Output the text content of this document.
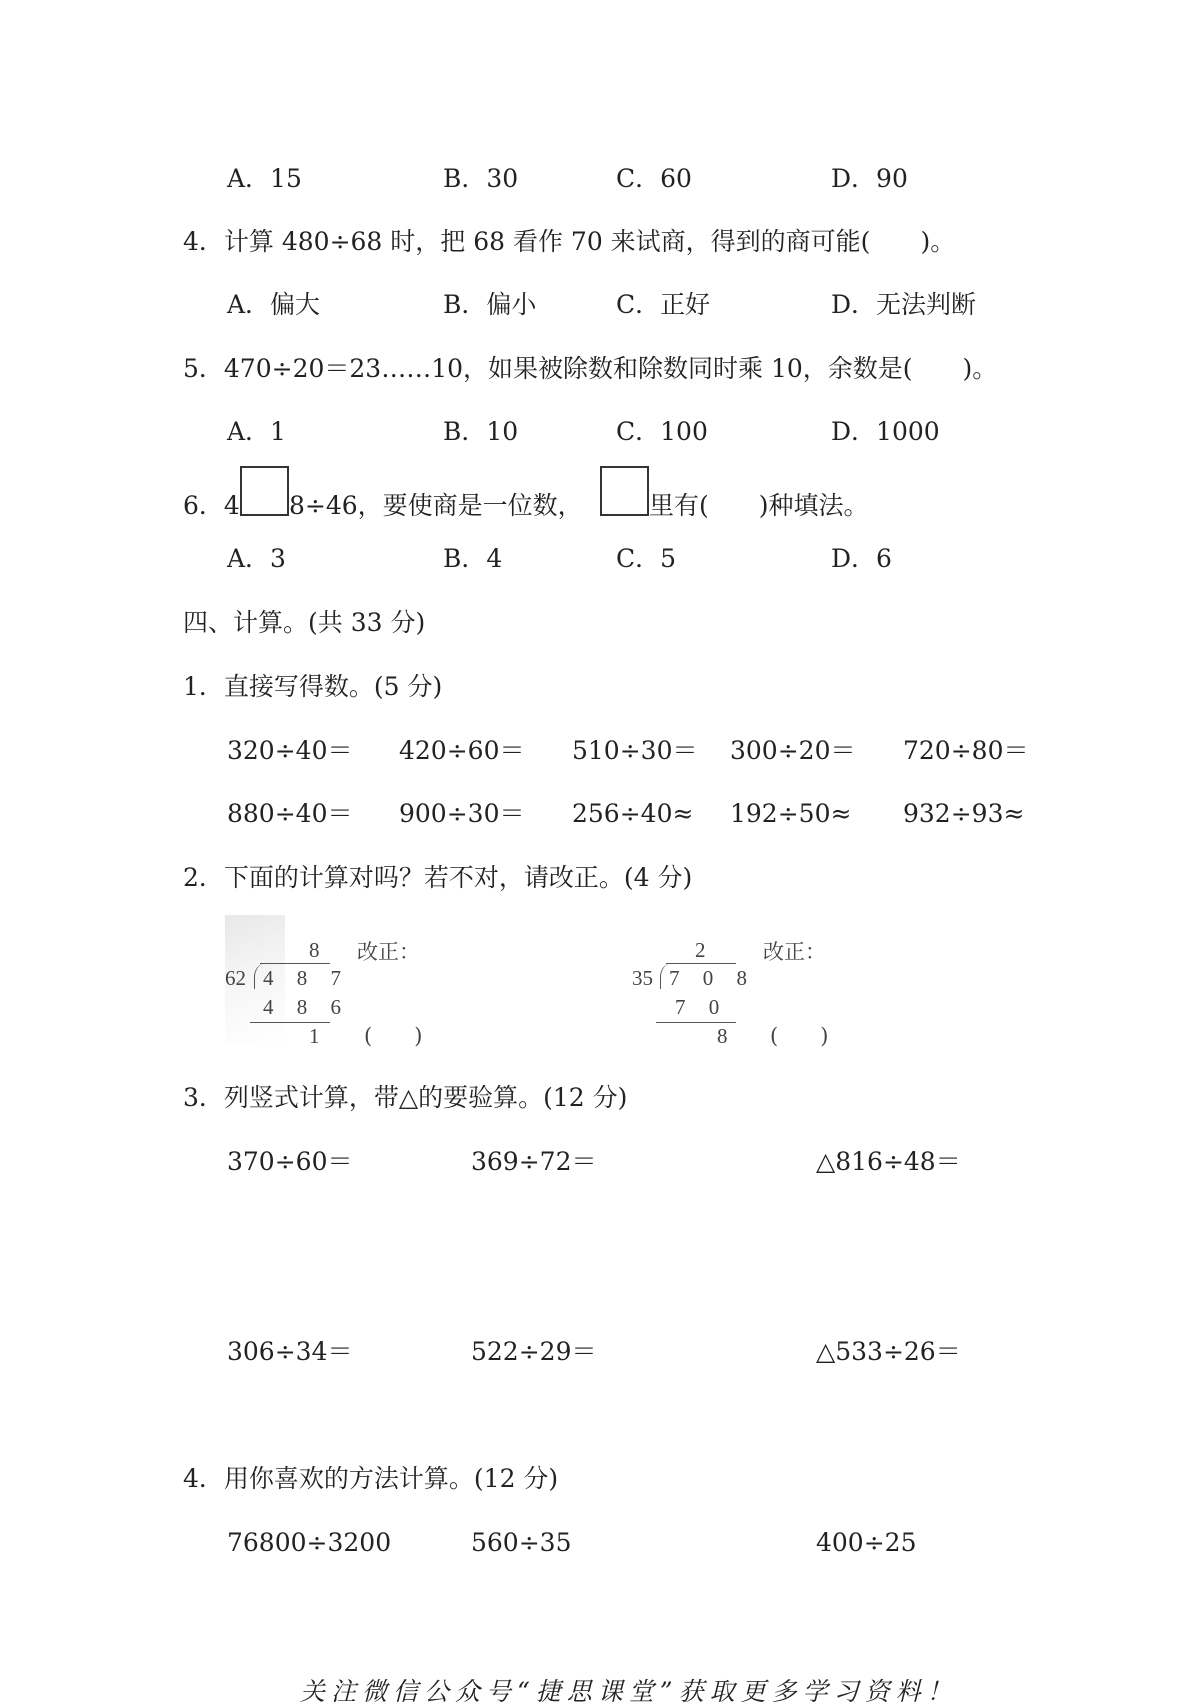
A．15	B．30	C．60	D．90
4．计算 480÷68 时，把 68 看作 70 来试商，得到的商可能(　　)。
A．偏大	B．偏小	C．正好	D．无法判断
5．470÷20＝23……10，如果被除数和除数同时乘 10，余数是(　　)。
A．1	B．10	C．100	D．1000
6．4 8÷46，要使商是一位数，	里有(　　)种填法。
A．3	B．4	C．5	D．6
四、计算。(共 33 分)
1．直接写得数。(5 分)
320÷40＝ 420÷60＝ 510÷30＝ 300÷20＝ 720÷80＝
880÷40＝ 900÷30＝ 256÷40≈ 192÷50≈ 932÷93≈
2．下面的计算对吗？若不对，请改正。(4 分)
8
62 4 8 7
4 8 6
1
改正：
(　　)
2
35 7 0 8
7 0
8
改正：
(　　)
3．列竖式计算，带△的要验算。(12 分)
370÷60＝	369÷72＝	△816÷48＝
306÷34＝	522÷29＝	△533÷26＝
4．用你喜欢的方法计算。(12 分)
76800÷3200	560÷35	400÷25
关注微信公众号“捷思课堂”获取更多学习资料！
